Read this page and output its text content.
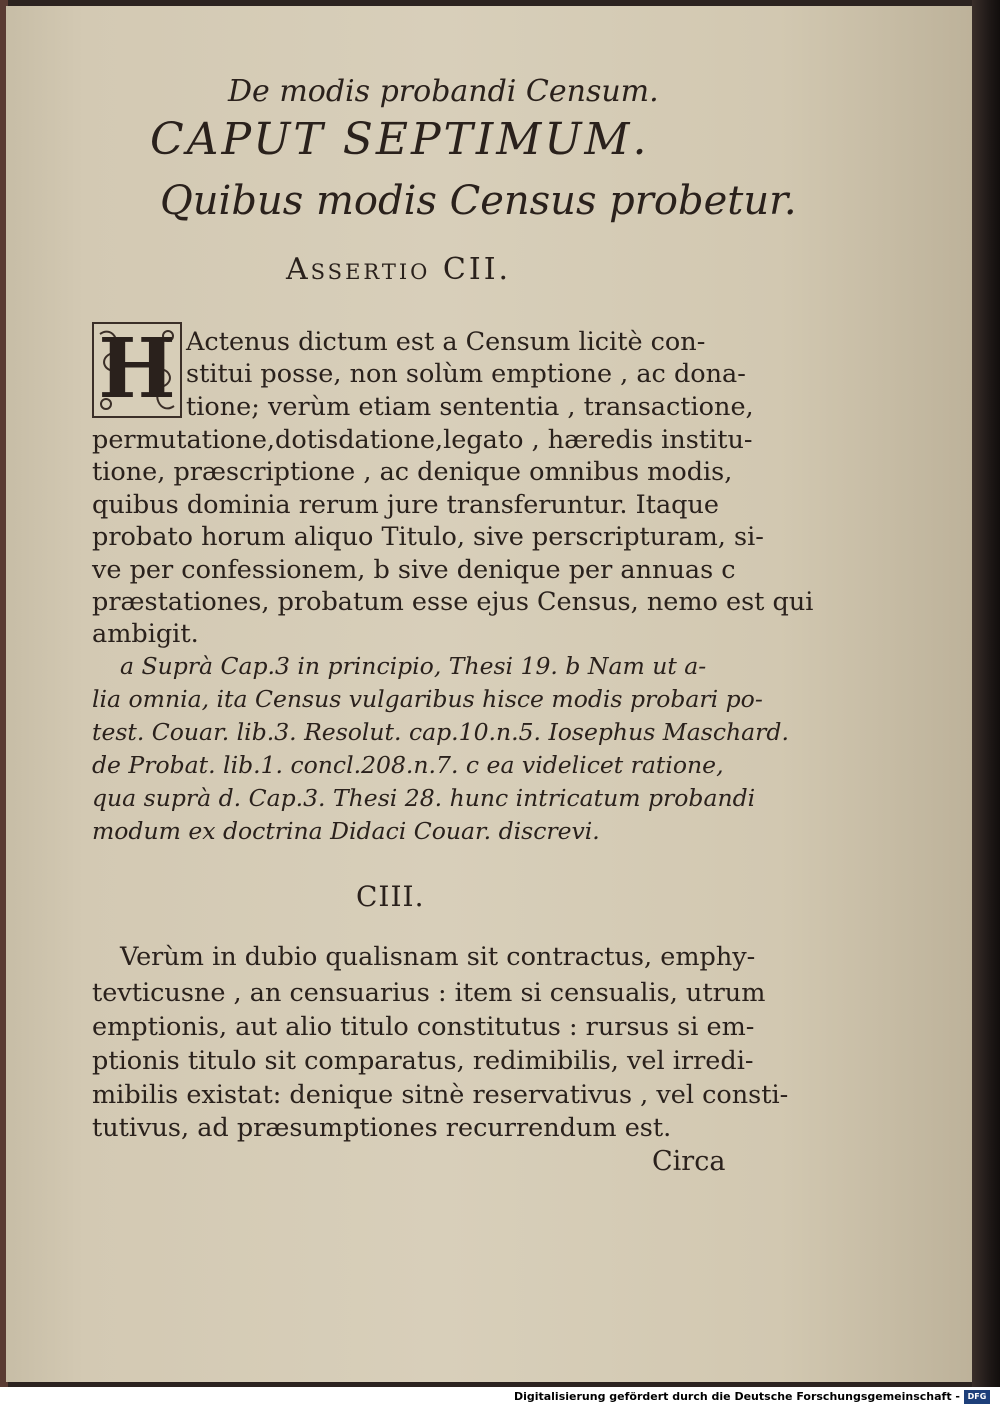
De modis probandi Censum.
CAPUT SEPTIMUM.
Quibus modis Census probetur.
Assertio CII.
H Actenus dictum est a Censum licitè con-
stitui posse, non solùm emptione , ac dona-
tione; verùm etiam sententia , transactione,
permutatione,dotisdatione,legato , hæredis institu-
tione, præscriptione , ac denique omnibus modis,
quibus dominia rerum jure transferuntur. Itaque
probato horum aliquo Titulo, sive perscripturam, si-
ve per confessionem, b sive denique per annuas c
præstationes, probatum esse ejus Census, nemo est qui
ambigit.
a Suprà Cap.3 in principio, Thesi 19. b Nam ut a-
lia omnia, ita Census vulgaribus hisce modis probari po-
test. Couar. lib.3. Resolut. cap.10.n.5. Iosephus Maschard.
de Probat. lib.1. concl.208.n.7. c ea videlicet ratione,
qua suprà d. Cap.3. Thesi 28. hunc intricatum probandi
modum ex doctrina Didaci Couar. discrevi.
CIII.
Verùm in dubio qualisnam sit contractus, emphy-
tevticusne , an censuarius : item si censualis, utrum
emptionis, aut alio titulo constitutus : rursus si em-
ptionis titulo sit comparatus, redimibilis, vel irredi-
mibilis existat: denique sitnè reservativus , vel consti-
tutivus, ad præsumptiones recurrendum est.
Circa
Digitalisierung gefördert durch die Deutsche Forschungsgemeinschaft - DFG
